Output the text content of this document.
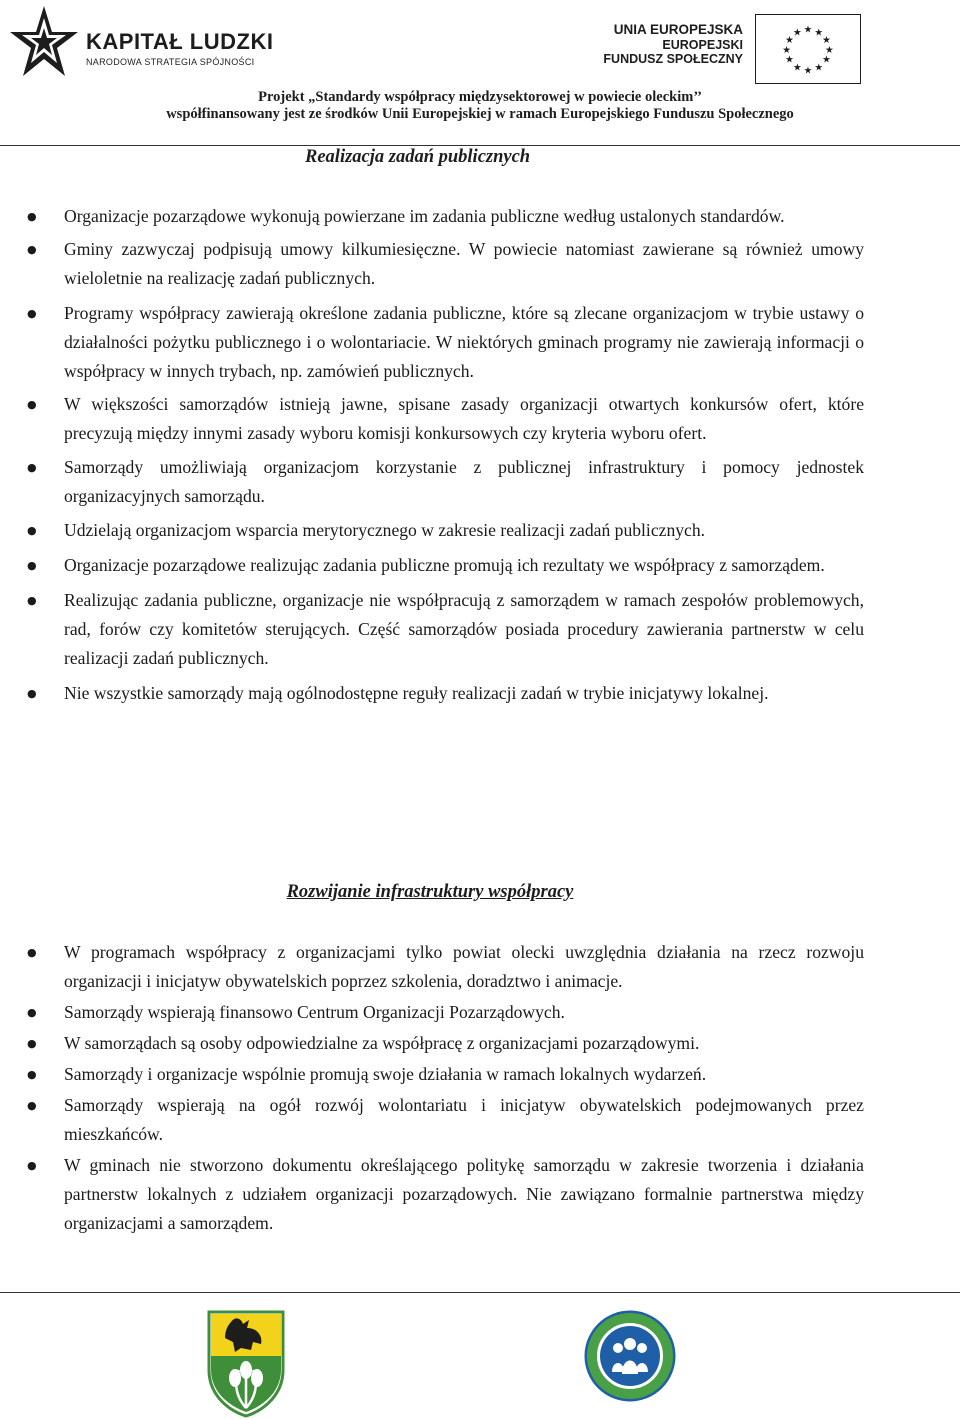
KAPITAŁ LUDZKI
NARODOWA STRATEGIA SPÓJNOŚCI
UNIA EUROPEJSKA
EUROPEJSKI
FUNDUSZ SPOŁECZNY
★ ★
★
★
★
★
★
★
★
★
★
★
Projekt „Standardy współpracy międzysektorowej w powiecie oleckim’’
współfinansowany jest ze środków Unii Europejskiej w ramach Europejskiego Funduszu Społecznego
Realizacja zadań publicznych
● Organizacje pozarządowe wykonują powierzane im zadania publiczne według ustalonych standardów.
● Gminy zazwyczaj podpisują umowy kilkumiesięczne. W powiecie natomiast zawierane są również umowy wieloletnie na realizację zadań publicznych.
● Programy współpracy zawierają określone zadania publiczne, które są zlecane organizacjom w trybie ustawy o działalności pożytku publicznego i o wolontariacie. W niektórych gminach programy nie zawierają informacji o współpracy w innych trybach, np. zamówień publicznych.
● W większości samorządów istnieją jawne, spisane zasady organizacji otwartych konkursów ofert, które precyzują między innymi zasady wyboru komisji konkursowych czy kryteria wyboru ofert.
● Samorządy umożliwiają organizacjom korzystanie z publicznej infrastruktury i pomocy jednostek organizacyjnych samorządu.
● Udzielają organizacjom wsparcia merytorycznego w zakresie realizacji zadań publicznych.
● Organizacje pozarządowe realizując zadania publiczne promują ich rezultaty we współpracy z samorządem.
● Realizując zadania publiczne, organizacje nie współpracują z samorządem w ramach zespołów problemowych, rad, forów czy komitetów sterujących. Część samorządów posiada procedury zawierania partnerstw w celu realizacji zadań publicznych.
● Nie wszystkie samorządy mają ogólnodostępne reguły realizacji zadań w trybie inicjatywy lokalnej.
Rozwijanie infrastruktury współpracy
● W programach współpracy z organizacjami tylko powiat olecki uwzględnia działania na rzecz rozwoju organizacji i inicjatyw obywatelskich poprzez szkolenia, doradztwo i animacje.
● Samorządy wspierają finansowo Centrum Organizacji Pozarządowych.
● W samorządach są osoby odpowiedzialne za współpracę z organizacjami pozarządowymi.
● Samorządy i organizacje wspólnie promują swoje działania w ramach lokalnych wydarzeń.
● Samorządy wspierają na ogół rozwój wolontariatu i inicjatyw obywatelskich podejmowanych przez mieszkańców.
● W gminach nie stworzono dokumentu określającego politykę samorządu w zakresie tworzenia i działania partnerstw lokalnych z udziałem organizacji pozarządowych. Nie zawiązano formalnie partnerstwa między organizacjami a samorządem.
